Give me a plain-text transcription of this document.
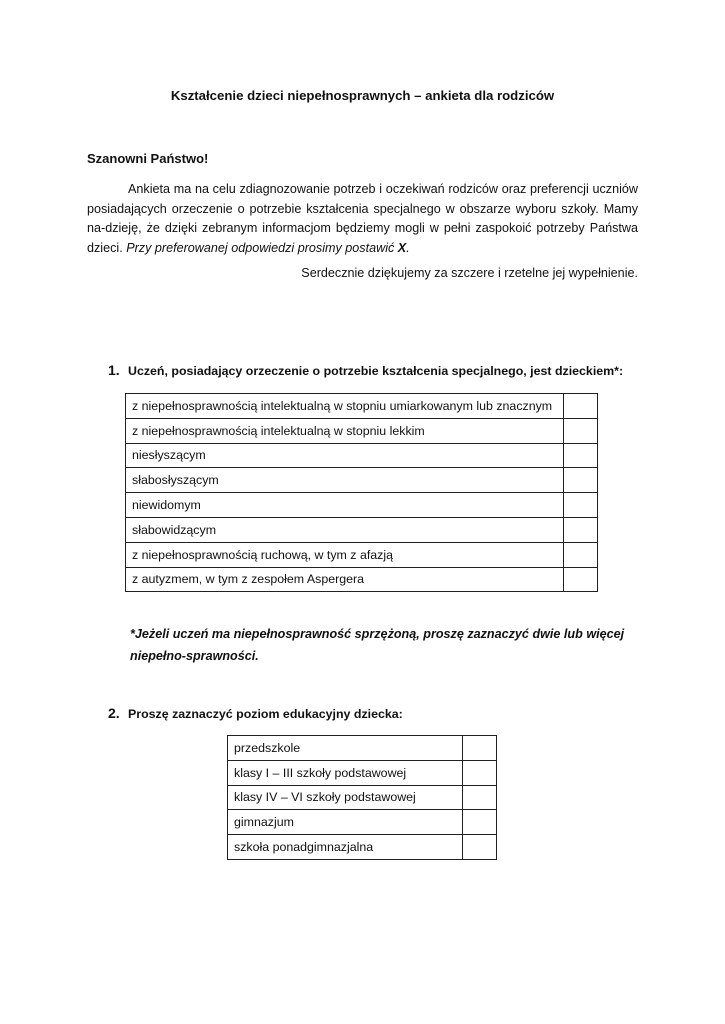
Kształcenie dzieci niepełnosprawnych – ankieta dla rodziców
Szanowni Państwo!
Ankieta ma na celu zdiagnozowanie potrzeb i oczekiwań rodziców oraz preferencji uczniów posiadających orzeczenie o potrzebie kształcenia specjalnego w obszarze wyboru szkoły. Mamy na-dzieję, że dzięki zebranym informacjom będziemy mogli w pełni zaspokoić potrzeby Państwa dzieci. Przy preferowanej odpowiedzi prosimy postawić X.
Serdecznie dziękujemy za szczere i rzetelne jej wypełnienie.
1. Uczeń, posiadający orzeczenie o potrzebie kształcenia specjalnego, jest dzieckiem*:
z niepełnosprawnością intelektualną w stopniu umiarkowanym lub znacznym	
z niepełnosprawnością intelektualną w stopniu lekkim	
niesłyszącym	
słabosłyszącym	
niewidomym	
słabowidzącym	
z niepełnosprawnością ruchową, w tym z afazją	
z autyzmem, w tym z zespołem Aspergera	
*Jeżeli uczeń ma niepełnosprawność sprzężoną, proszę zaznaczyć dwie lub więcej niepełno-sprawności.
2. Proszę zaznaczyć poziom edukacyjny dziecka:
przedszkole	
klasy I – III szkoły podstawowej	
klasy IV – VI szkoły podstawowej	
gimnazjum	
szkoła ponadgimnazjalna	
